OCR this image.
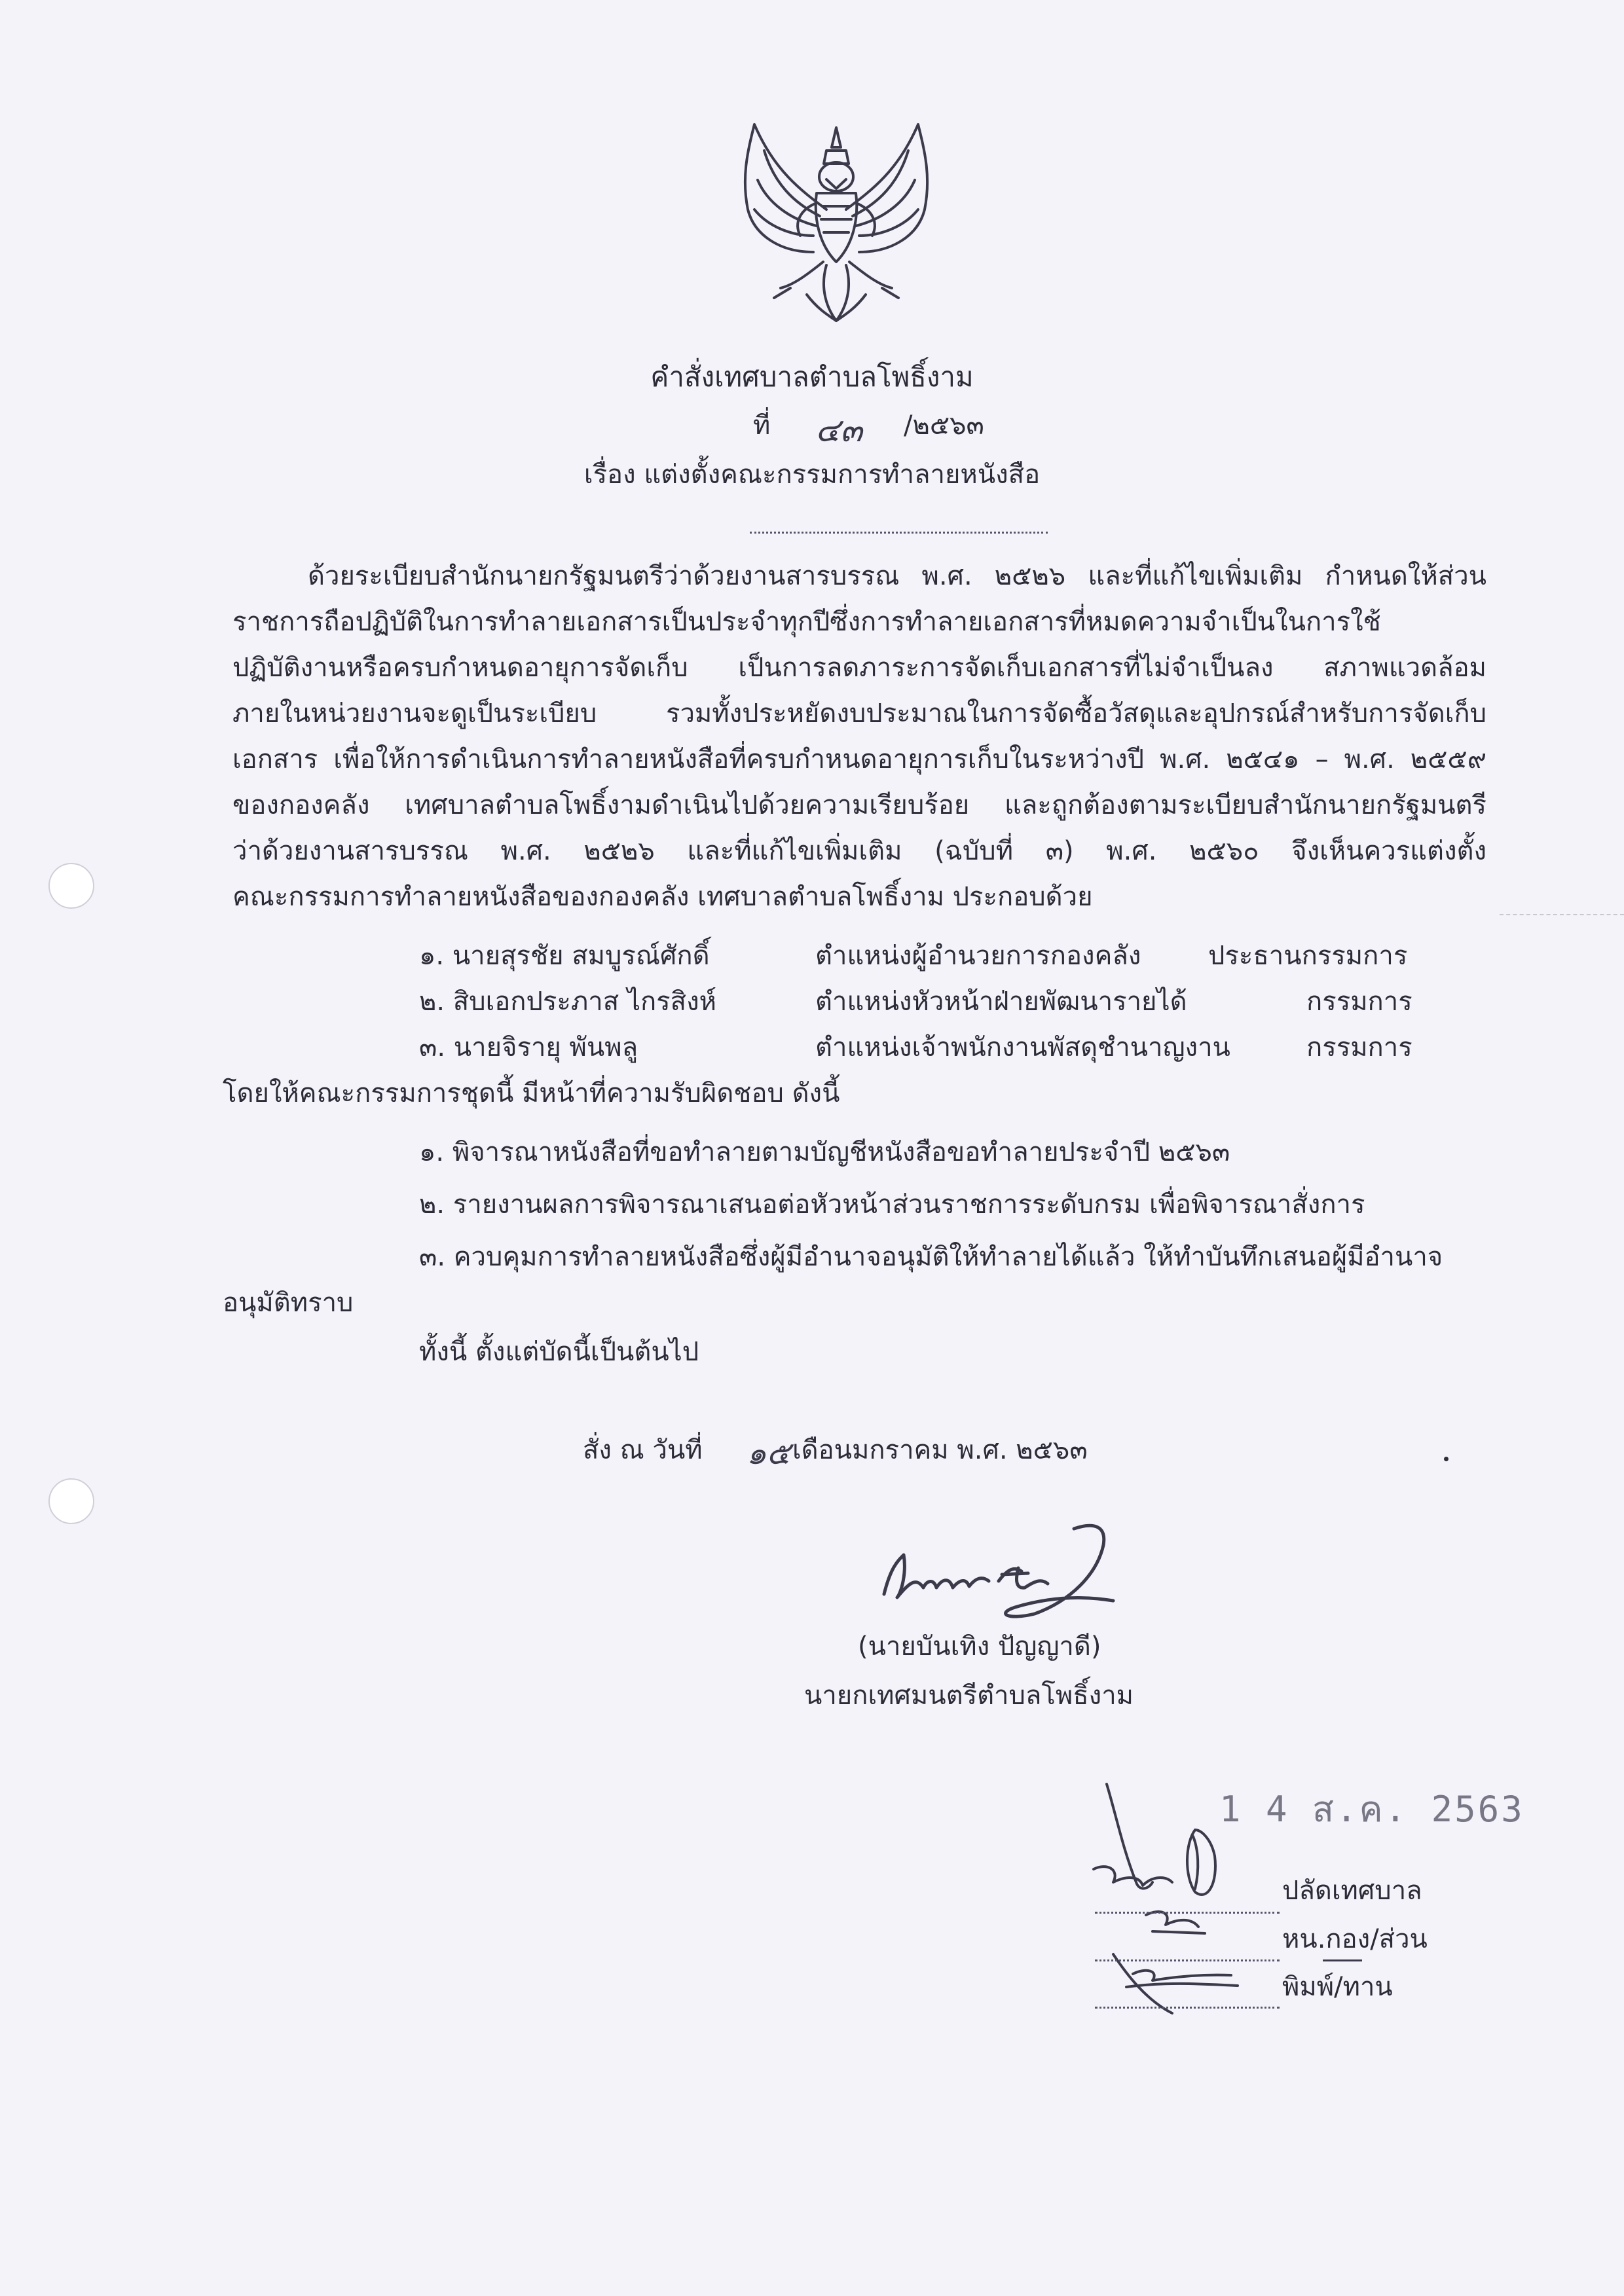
คำสั่งเทศบาลตำบลโพธิ์งาม
ที่ ๔๓ /๒๕๖๓
เรื่อง แต่งตั้งคณะกรรมการทำลายหนังสือ
ด้วยระเบียบสำนักนายกรัฐมนตรีว่าด้วยงานสารบรรณ พ.ศ. ๒๕๒๖ และที่แก้ไขเพิ่มเติม กำหนดให้ส่วน
ราชการถือปฏิบัติในการทำลายเอกสารเป็นประจำทุกปีซึ่งการทำลายเอกสารที่หมดความจำเป็นในการใช้
ปฏิบัติงานหรือครบกำหนดอายุการจัดเก็บ เป็นการลดภาระการจัดเก็บเอกสารที่ไม่จำเป็นลง สภาพแวดล้อม
ภายในหน่วยงานจะดูเป็นระเบียบ รวมทั้งประหยัดงบประมาณในการจัดซื้อวัสดุและอุปกรณ์สำหรับการจัดเก็บ
เอกสาร เพื่อให้การดำเนินการทำลายหนังสือที่ครบกำหนดอายุการเก็บในระหว่างปี พ.ศ. ๒๕๔๑ – พ.ศ. ๒๕๕๙
ของกองคลัง เทศบาลตำบลโพธิ์งามดำเนินไปด้วยความเรียบร้อย และถูกต้องตามระเบียบสำนักนายกรัฐมนตรี
ว่าด้วยงานสารบรรณ พ.ศ. ๒๕๒๖ และที่แก้ไขเพิ่มเติม (ฉบับที่ ๓) พ.ศ. ๒๕๖๐ จึงเห็นควรแต่งตั้ง
คณะกรรมการทำลายหนังสือของกองคลัง เทศบาลตำบลโพธิ์งาม ประกอบด้วย
๑. นายสุรชัย สมบูรณ์ศักดิ์	ตำแหน่งผู้อำนวยการกองคลัง	ประธานกรรมการ
๒. สิบเอกประภาส ไกรสิงห์	ตำแหน่งหัวหน้าฝ่ายพัฒนารายได้	กรรมการ
๓. นายจิรายุ พันพลู	ตำแหน่งเจ้าพนักงานพัสดุชำนาญงาน	กรรมการ
โดยให้คณะกรรมการชุดนี้ มีหน้าที่ความรับผิดชอบ ดังนี้
๑. พิจารณาหนังสือที่ขอทำลายตามบัญชีหนังสือขอทำลายประจำปี ๒๕๖๓
๒. รายงานผลการพิจารณาเสนอต่อหัวหน้าส่วนราชการระดับกรม เพื่อพิจารณาสั่งการ
๓. ควบคุมการทำลายหนังสือซึ่งผู้มีอำนาจอนุมัติให้ทำลายได้แล้ว ให้ทำบันทึกเสนอผู้มีอำนาจ
อนุมัติทราบ
ทั้งนี้ ตั้งแต่บัดนี้เป็นต้นไป
สั่ง ณ วันที่ ๑๕ เดือนมกราคม พ.ศ. ๒๕๖๓
(นายบันเทิง ปัญญาดี)
นายกเทศมนตรีตำบลโพธิ์งาม
1 4 ส.ค. 2563
ปลัดเทศบาล
หน.กอง/ส่วน
พิมพ์/ทาน
